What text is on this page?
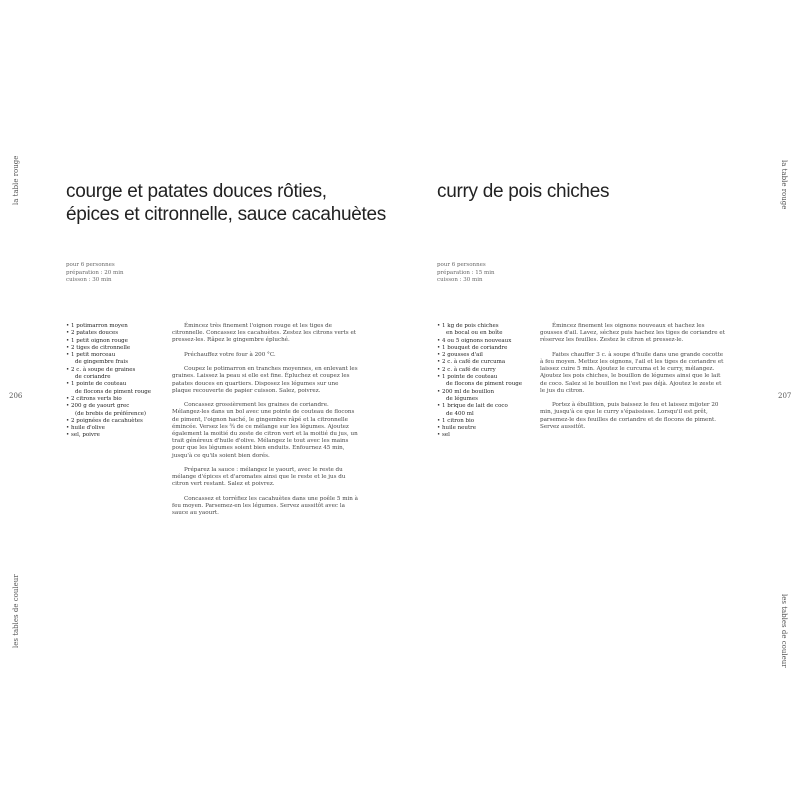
la table rouge
206
les tables de couleur
courge et patates douces rôties,
épices et citronnelle, sauce cacahuètes
pour 6 personnes
préparation : 20 min
cuisson : 30 min
• 1 potimarron moyen
• 2 patates douces
• 1 petit oignon rouge
• 2 tiges de citronnelle
• 1 petit morceau
de gingembre frais
• 2 c. à soupe de graines
de coriandre
• 1 pointe de couteau
de flocons de piment rouge
• 2 citrons verts bio
• 200 g de yaourt grec
(de brebis de préférence)
• 2 poignées de cacahuètes
• huile d'olive
• sel, poivre

Émincez très finement l'oignon rouge et les tiges de citronnelle. Concassez les cacahuètes. Zestez les citrons verts et pressez-les. Râpez le gingembre épluché.

Préchauffez votre four à 200 °C.

Coupez le potimarron en tranches moyennes, en enlevant les graines. Laissez la peau si elle est fine. Épluchez et coupez les patates douces en quartiers. Disposez les légumes sur une plaque recouverte de papier cuisson. Salez, poivrez.

Concassez grossièrement les graines de coriandre. Mélangez-les dans un bol avec une pointe de couteau de flocons de piment, l'oignon haché, le gingembre râpé et la citronnelle émincée. Versez les ¾ de ce mélange sur les légumes. Ajoutez également la moitié du zeste de citron vert et la moitié du jus, un trait généreux d'huile d'olive. Mélangez le tout avec les mains pour que les légumes soient bien enduits. Enfournez 45 min, jusqu'à ce qu'ils soient bien dorés.

Préparez la sauce : mélangez le yaourt, avec le reste du mélange d'épices et d'aromates ainsi que le reste et le jus du citron vert restant. Salez et poivrez.

Concassez et torréfiez les cacahuètes dans une poêle 5 min à feu moyen. Parsemez-en les légumes. Servez aussitôt avec la sauce au yaourt.

la table rouge
207
les tables de couleur
curry de pois chiches
pour 6 personnes
préparation : 15 min
cuisson : 30 min
• 1 kg de pois chiches
en bocal ou en boîte
• 4 ou 5 oignons nouveaux
• 1 bouquet de coriandre
• 2 gousses d'ail
• 2 c. à café de curcuma
• 2 c. à café de curry
• 1 pointe de couteau
de flocons de piment rouge
• 200 ml de bouillon
de légumes
• 1 brique de lait de coco
de 400 ml
• 1 citron bio
• huile neutre
• sel

Émincez finement les oignons nouveaux et hachez les gousses d'ail. Lavez, séchez puis hachez les tiges de coriandre et réservez les feuilles. Zestez le citron et pressez-le.

Faites chauffer 3 c. à soupe d'huile dans une grande cocotte à feu moyen. Mettez les oignons, l'ail et les tiges de coriandre et laissez cuire 5 min. Ajoutez le curcuma et le curry, mélangez. Ajoutez les pois chiches, le bouillon de légumes ainsi que le lait de coco. Salez si le bouillon ne l'est pas déjà. Ajoutez le zeste et le jus du citron.

Portez à ébullition, puis baissez le feu et laissez mijoter 20 min, jusqu'à ce que le curry s'épaississe. Lorsqu'il est prêt, parsemez-le des feuilles de coriandre et de flocons de piment. Servez aussitôt.
